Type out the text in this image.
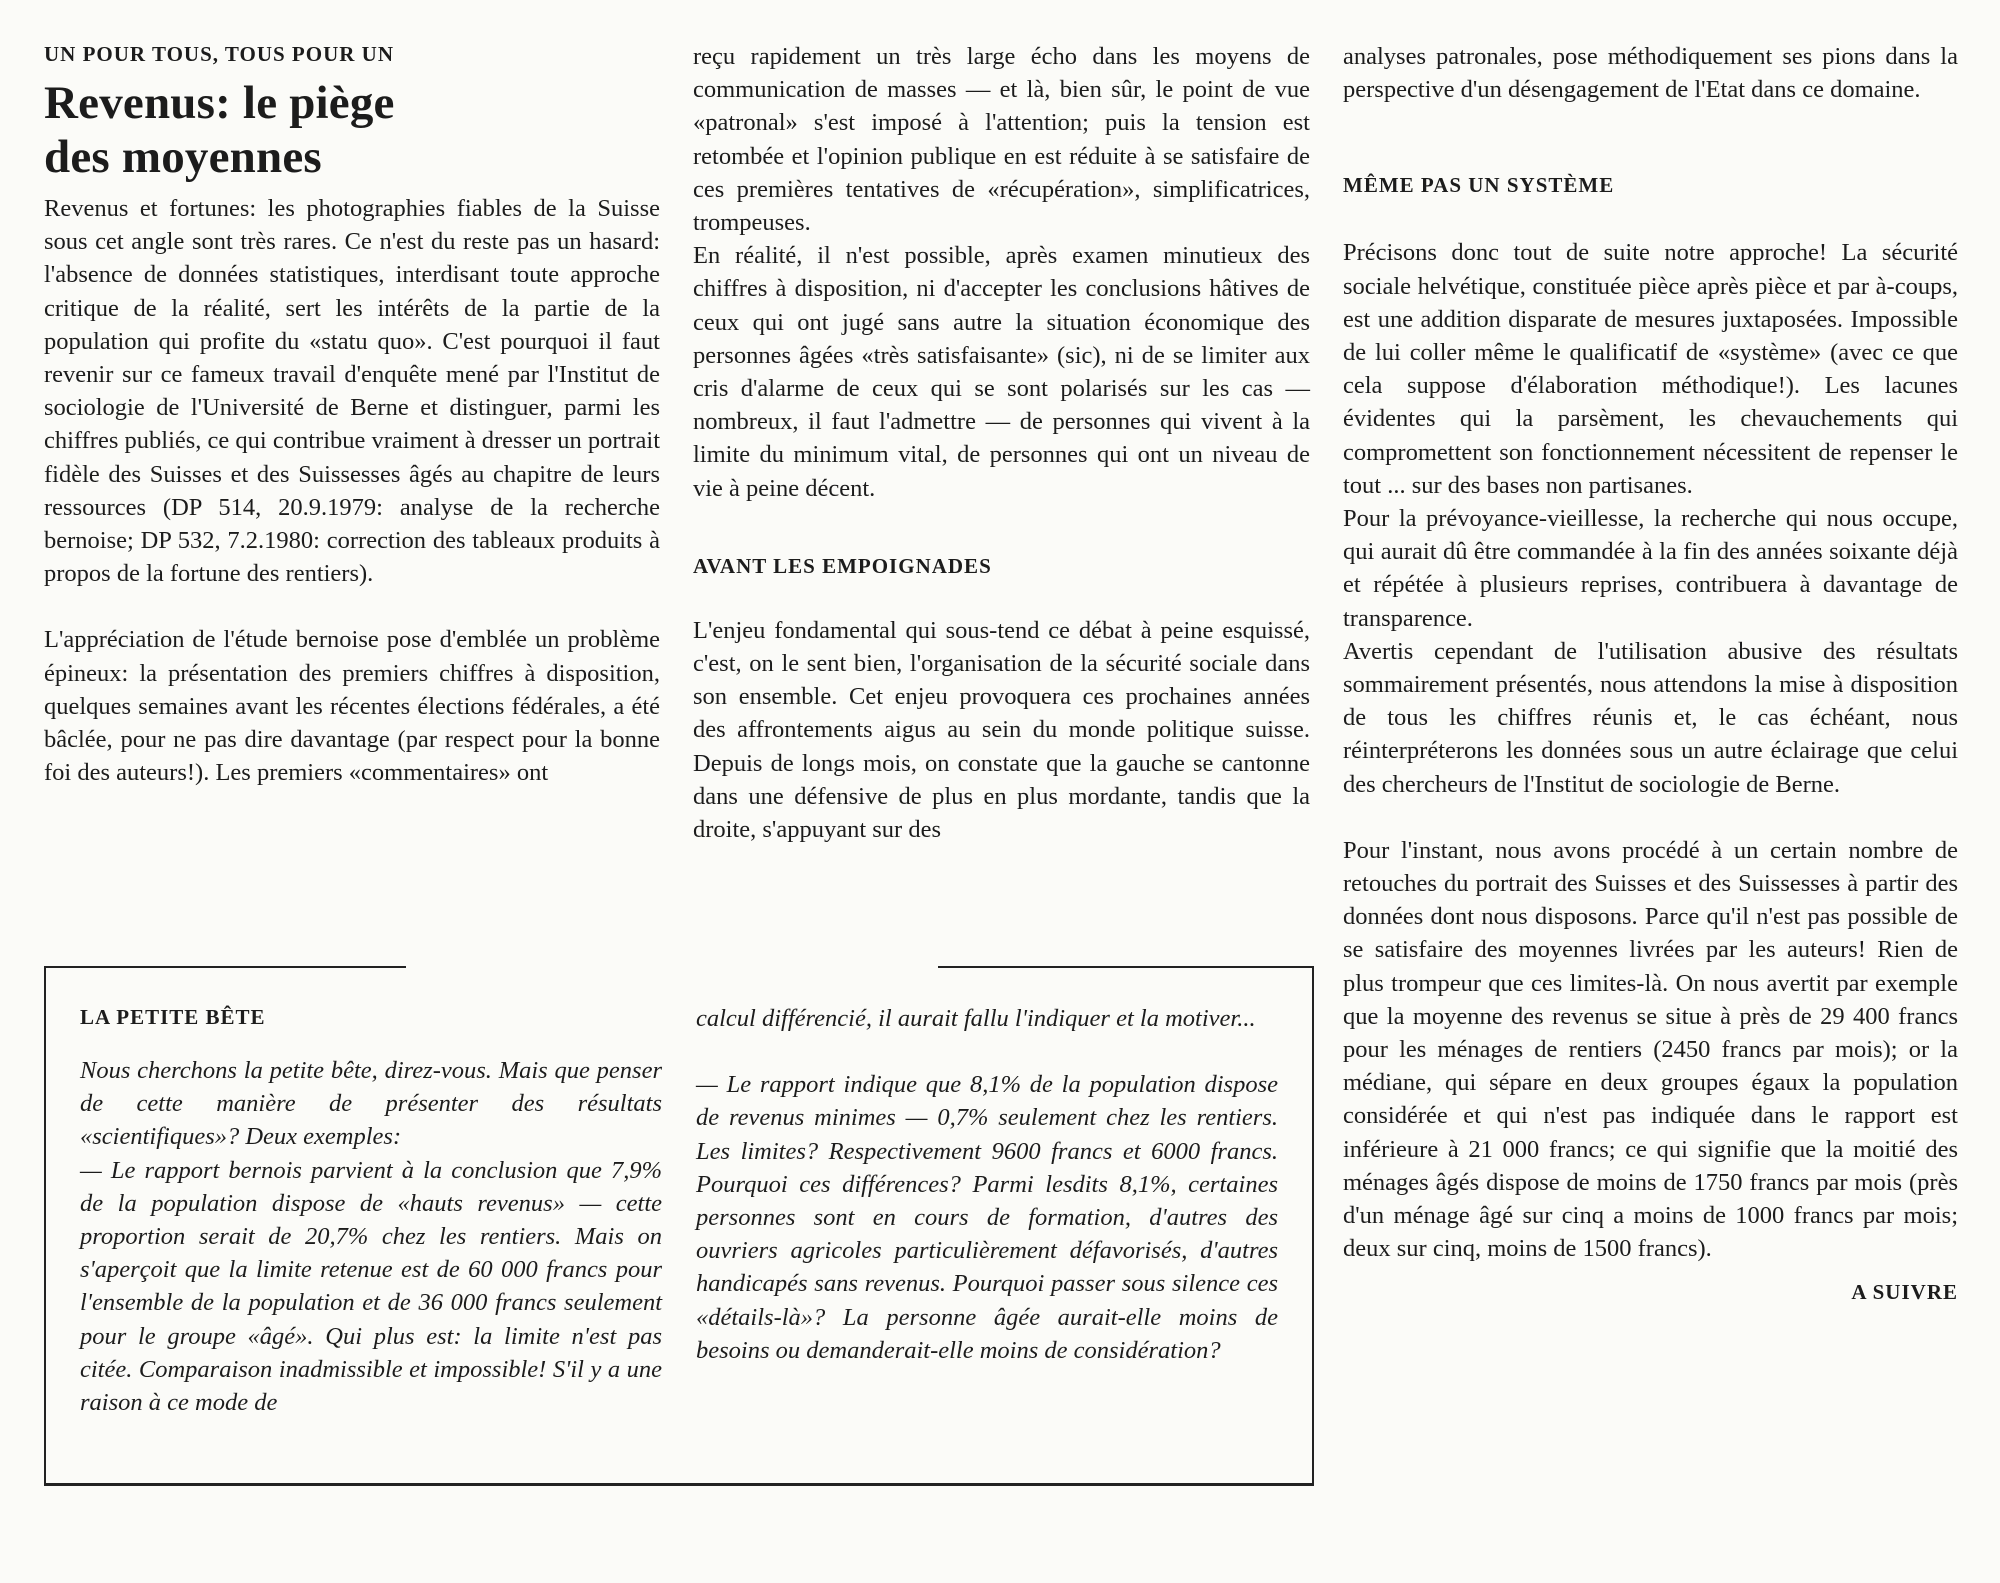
UN POUR TOUS, TOUS POUR UN
Revenus: le piège
des moyennes

Revenus et fortunes: les photographies fiables de la Suisse sous cet angle sont très rares. Ce n'est du reste pas un hasard: l'absence de données statistiques, interdisant toute approche critique de la réalité, sert les intérêts de la partie de la population qui profite du «statu quo». C'est pourquoi il faut revenir sur ce fameux travail d'enquête mené par l'Institut de sociologie de l'Université de Berne et distinguer, parmi les chiffres publiés, ce qui contribue vraiment à dresser un portrait fidèle des Suisses et des Suissesses âgés au chapitre de leurs ressources (DP 514, 20.9.1979: analyse de la recherche bernoise; DP 532, 7.2.1980: correction des tableaux produits à propos de la fortune des rentiers).

L'appréciation de l'étude bernoise pose d'emblée un problème épineux: la présentation des premiers chiffres à disposition, quelques semaines avant les récentes élections fédérales, a été bâclée, pour ne pas dire davantage (par respect pour la bonne foi des auteurs!). Les premiers «commentaires» ont

reçu rapidement un très large écho dans les moyens de communication de masses — et là, bien sûr, le point de vue «patronal» s'est imposé à l'attention; puis la tension est retombée et l'opinion publique en est réduite à se satisfaire de ces premières tentatives de «récupération», simplificatrices, trompeuses.

En réalité, il n'est possible, après examen minutieux des chiffres à disposition, ni d'accepter les conclusions hâtives de ceux qui ont jugé sans autre la situation économique des personnes âgées «très satisfaisante» (sic), ni de se limiter aux cris d'alarme de ceux qui se sont polarisés sur les cas — nombreux, il faut l'admettre — de personnes qui vivent à la limite du minimum vital, de personnes qui ont un niveau de vie à peine décent.

AVANT LES EMPOIGNADES

L'enjeu fondamental qui sous-tend ce débat à peine esquissé, c'est, on le sent bien, l'organisation de la sécurité sociale dans son ensemble. Cet enjeu provoquera ces prochaines années des affrontements aigus au sein du monde politique suisse. Depuis de longs mois, on constate que la gauche se cantonne dans une défensive de plus en plus mordante, tandis que la droite, s'appuyant sur des

analyses patronales, pose méthodiquement ses pions dans la perspective d'un désengagement de l'Etat dans ce domaine.

MÊME PAS UN SYSTÈME

Précisons donc tout de suite notre approche! La sécurité sociale helvétique, constituée pièce après pièce et par à-coups, est une addition disparate de mesures juxtaposées. Impossible de lui coller même le qualificatif de «système» (avec ce que cela suppose d'élaboration méthodique!). Les lacunes évidentes qui la parsèment, les chevauchements qui compromettent son fonctionnement nécessitent de repenser le tout ... sur des bases non partisanes.

Pour la prévoyance-vieillesse, la recherche qui nous occupe, qui aurait dû être commandée à la fin des années soixante déjà et répétée à plusieurs reprises, contribuera à davantage de transparence.

Avertis cependant de l'utilisation abusive des résultats sommairement présentés, nous attendons la mise à disposition de tous les chiffres réunis et, le cas échéant, nous réinterpréterons les données sous un autre éclairage que celui des chercheurs de l'Institut de sociologie de Berne.

Pour l'instant, nous avons procédé à un certain nombre de retouches du portrait des Suisses et des Suissesses à partir des données dont nous disposons. Parce qu'il n'est pas possible de se satisfaire des moyennes livrées par les auteurs! Rien de plus trompeur que ces limites-là. On nous avertit par exemple que la moyenne des revenus se situe à près de 29 400 francs pour les ménages de rentiers (2450 francs par mois); or la médiane, qui sépare en deux groupes égaux la population considérée et qui n'est pas indiquée dans le rapport est inférieure à 21 000 francs; ce qui signifie que la moitié des ménages âgés dispose de moins de 1750 francs par mois (près d'un ménage âgé sur cinq a moins de 1000 francs par mois; deux sur cinq, moins de 1500 francs).

A SUIVRE
LA PETITE BÊTE

Nous cherchons la petite bête, direz-vous. Mais que penser de cette manière de présenter des résultats «scientifiques»? Deux exemples:

— Le rapport bernois parvient à la conclusion que 7,9% de la population dispose de «hauts revenus» — cette proportion serait de 20,7% chez les rentiers. Mais on s'aperçoit que la limite retenue est de 60 000 francs pour l'ensemble de la population et de 36 000 francs seulement pour le groupe «âgé». Qui plus est: la limite n'est pas citée. Comparaison inadmissible et impossible! S'il y a une raison à ce mode de

calcul différencié, il aurait fallu l'indiquer et la motiver...

— Le rapport indique que 8,1% de la population dispose de revenus minimes — 0,7% seulement chez les rentiers. Les limites? Respectivement 9600 francs et 6000 francs. Pourquoi ces différences? Parmi lesdits 8,1%, certaines personnes sont en cours de formation, d'autres des ouvriers agricoles particulièrement défavorisés, d'autres handicapés sans revenus. Pourquoi passer sous silence ces «détails-là»? La personne âgée aurait-elle moins de besoins ou demanderait-elle moins de considération?
